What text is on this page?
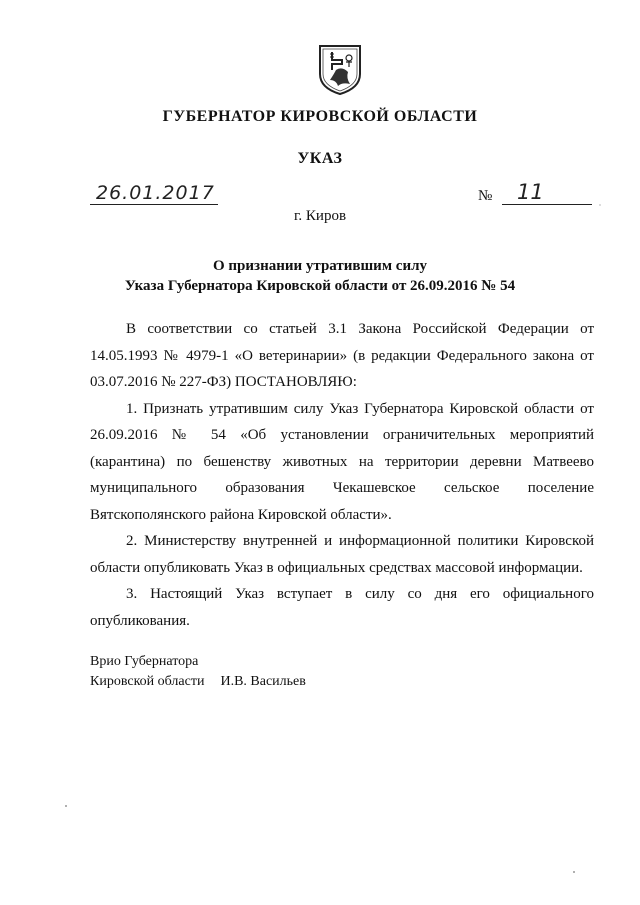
ГУБЕРНАТОР КИРОВСКОЙ ОБЛАСТИ
УКАЗ
26.01.2017	№ 11
г. Киров
О признании утратившим силу
Указа Губернатора Кировской области от 26.09.2016 № 54

В соответствии со статьей 3.1 Закона Российской Федерации от 14.05.1993 № 4979-1 «О ветеринарии» (в редакции Федерального закона от 03.07.2016 № 227-ФЗ) ПОСТАНОВЛЯЮ:

1. Признать утратившим силу Указ Губернатора Кировской области от 26.09.2016 № 54 «Об установлении ограничительных мероприятий (карантина) по бешенству животных на территории деревни Матвеево муниципального образования Чекашевское сельское поселение Вятскополянского района Кировской области».

2. Министерству внутренней и информационной политики Кировской области опубликовать Указ в официальных средствах массовой информации.

3. Настоящий Указ вступает в силу со дня его официального опубликования.

Врио Губернатора
Кировской области И.В. Васильев
